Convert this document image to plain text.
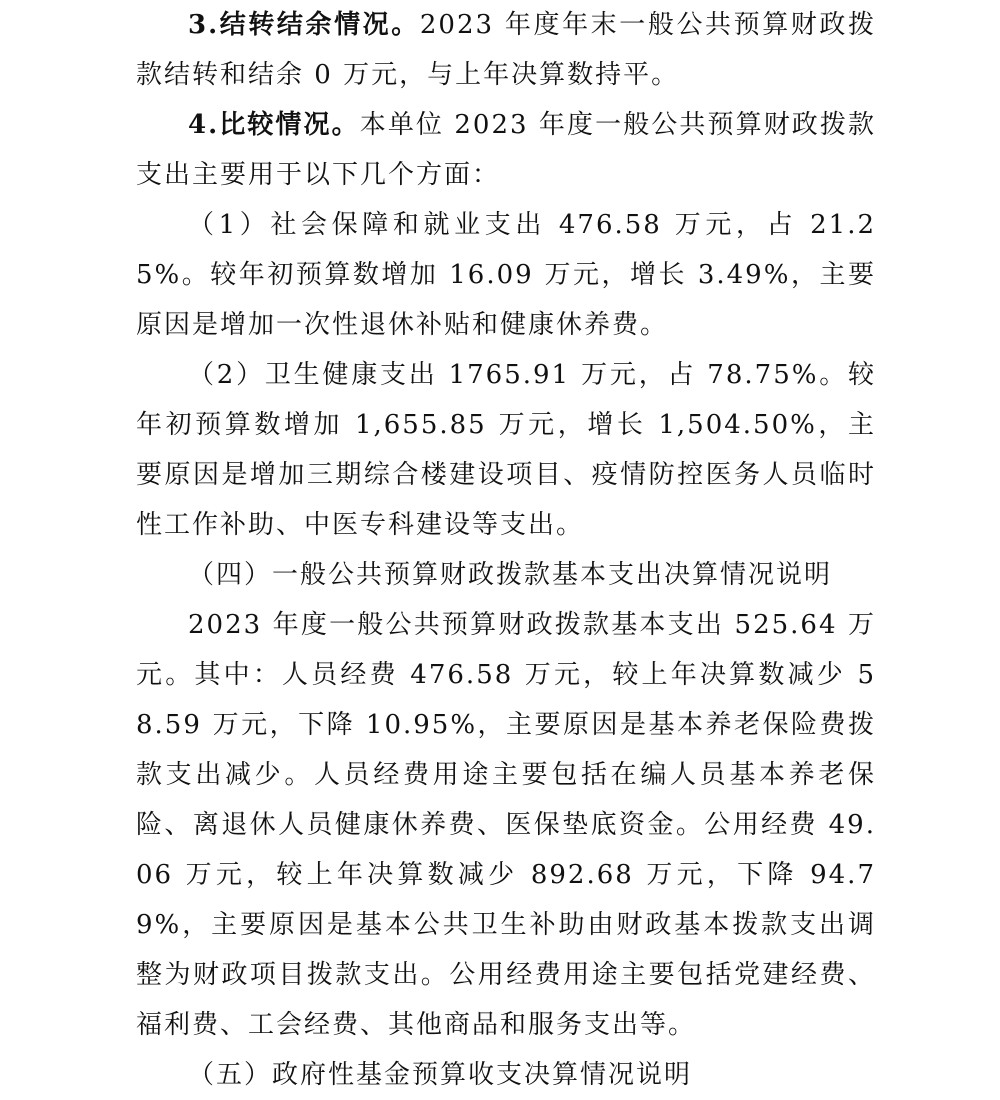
3.结转结余情况。2023 年度年末一般公共预算财政拨款结转和结余 0 万元，与上年决算数持平。

4.比较情况。本单位 2023 年度一般公共预算财政拨款支出主要用于以下几个方面：

（1）社会保障和就业支出 476.58 万元，占 21.25%。较年初预算数增加 16.09 万元，增长 3.49%，主要原因是增加一次性退休补贴和健康休养费。

（2）卫生健康支出 1765.91 万元，占 78.75%。较年初预算数增加 1,655.85 万元，增长 1,504.50%，主要原因是增加三期综合楼建设项目、疫情防控医务人员临时性工作补助、中医专科建设等支出。

（四）一般公共预算财政拨款基本支出决算情况说明

2023 年度一般公共预算财政拨款基本支出 525.64 万元。其中：人员经费 476.58 万元，较上年决算数减少 58.59 万元，下降 10.95%，主要原因是基本养老保险费拨款支出减少。人员经费用途主要包括在编人员基本养老保险、离退休人员健康休养费、医保垫底资金。公用经费 49.06 万元，较上年决算数减少 892.68 万元，下降 94.79%，主要原因是基本公共卫生补助由财政基本拨款支出调整为财政项目拨款支出。公用经费用途主要包括党建经费、福利费、工会经费、其他商品和服务支出等。

（五）政府性基金预算收支决算情况说明
